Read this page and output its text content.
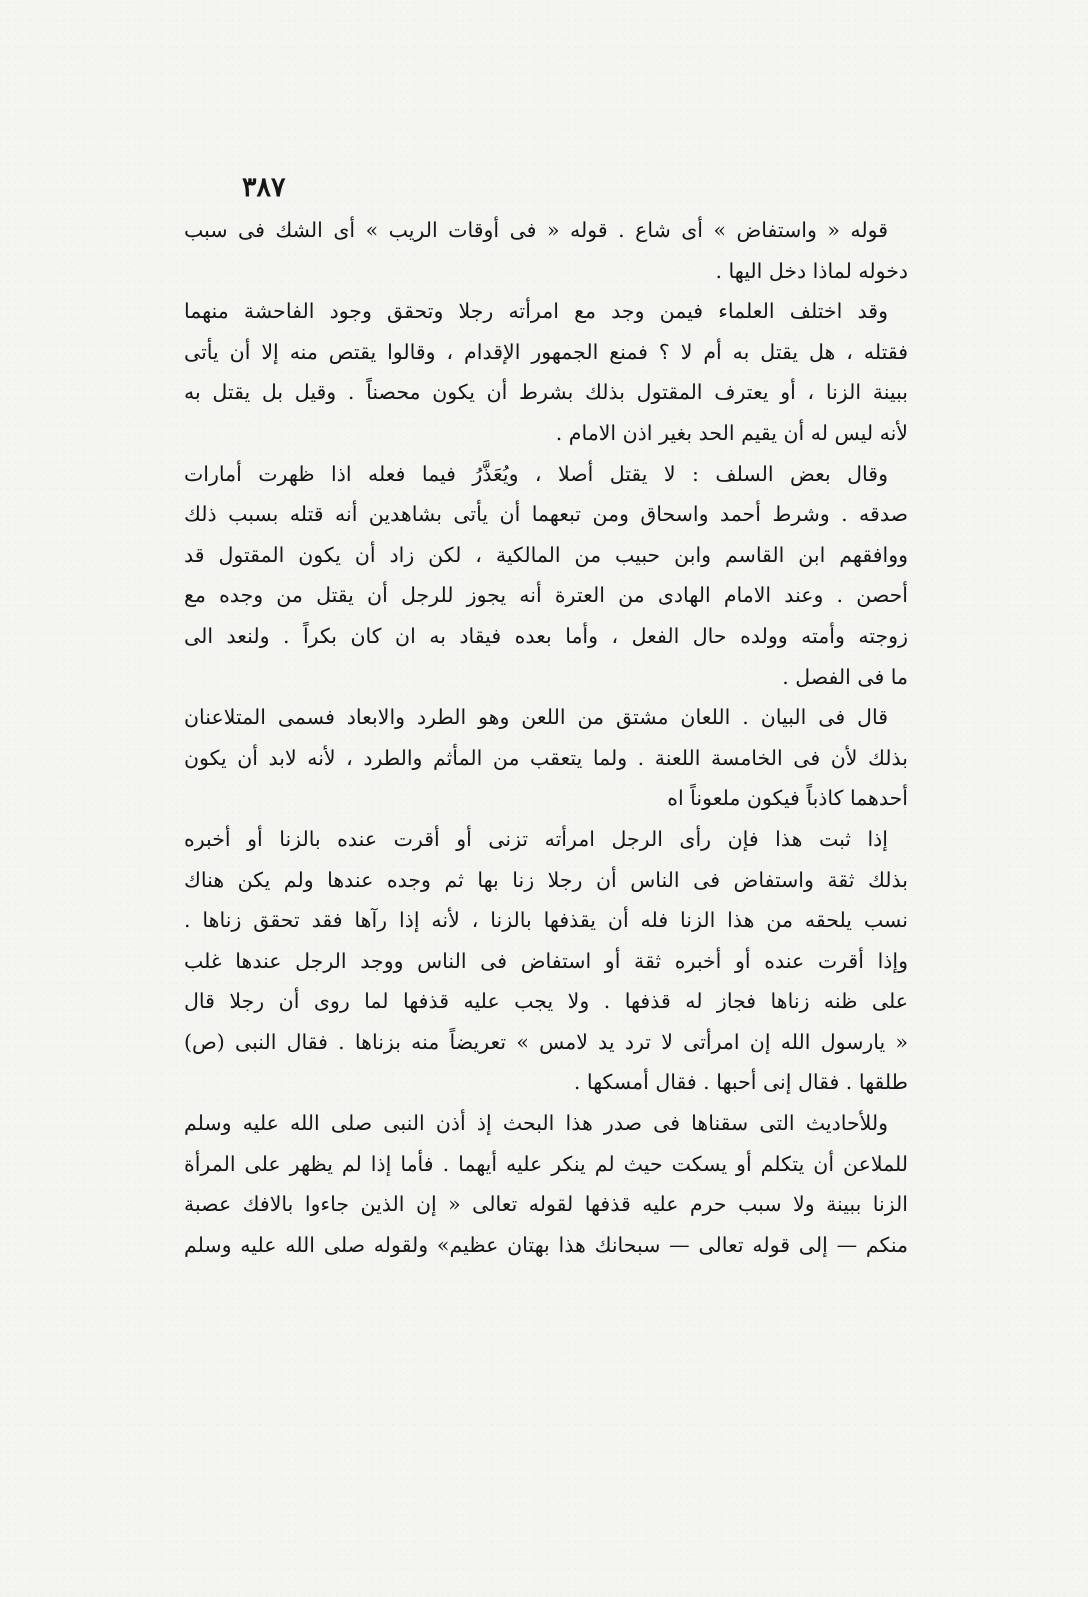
٣٨٧
قوله « واستفاض » أى شاع . قوله « فى أوقات الريب » أى الشك فى سبب
دخوله لماذا دخل اليها .
وقد اختلف العلماء فيمن وجد مع امرأته رجلا وتحقق وجود الفاحشة منهما
فقتله ، هل يقتل به أم لا ؟ فمنع الجمهور الإقدام ، وقالوا يقتص منه إلا أن يأتى
ببينة الزنا ، أو يعترف المقتول بذلك بشرط أن يكون محصناً . وقيل بل يقتل به
لأنه ليس له أن يقيم الحد بغير اذن الامام .
وقال بعض السلف : لا يقتل أصلا ، ويُعَذَّرُ فيما فعله اذا ظهرت أمارات
صدقه . وشرط أحمد واسحاق ومن تبعهما أن يأتى بشاهدين أنه قتله بسبب ذلك
ووافقهم ابن القاسم وابن حبيب من المالكية ، لكن زاد أن يكون المقتول قد
أحصن . وعند الامام الهادى من العترة أنه يجوز للرجل أن يقتل من وجده مع
زوجته وأمته وولده حال الفعل ، وأما بعده فيقاد به ان كان بكراً . ولنعد الى
ما فى الفصل .
قال فى البيان . اللعان مشتق من اللعن وهو الطرد والابعاد فسمى المتلاعنان
بذلك لأن فى الخامسة اللعنة . ولما يتعقب من المأثم والطرد ، لأنه لابد أن يكون
أحدهما كاذباً فيكون ملعوناً اه
إذا ثبت هذا فإن رأى الرجل امرأته تزنى أو أقرت عنده بالزنا أو أخبره
بذلك ثقة واستفاض فى الناس أن رجلا زنا بها ثم وجده عندها ولم يكن هناك
نسب يلحقه من هذا الزنا فله أن يقذفها بالزنا ، لأنه إذا رآها فقد تحقق زناها .
وإذا أقرت عنده أو أخبره ثقة أو استفاض فى الناس ووجد الرجل عندها غلب
على ظنه زناها فجاز له قذفها . ولا يجب عليه قذفها لما روى أن رجلا قال
« يارسول الله إن امرأتى لا ترد يد لامس » تعريضاً منه بزناها . فقال النبى (ص)
طلقها . فقال إنى أحبها . فقال أمسكها .
وللأحاديث التى سقناها فى صدر هذا البحث إذ أذن النبى صلى الله عليه وسلم
للملاعن أن يتكلم أو يسكت حيث لم ينكر عليه أيهما . فأما إذا لم يظهر على المرأة
الزنا ببينة ولا سبب حرم عليه قذفها لقوله تعالى « إن الذين جاءوا بالافك عصبة
منكم — إلى قوله تعالى — سبحانك هذا بهتان عظيم» ولقوله صلى الله عليه وسلم
